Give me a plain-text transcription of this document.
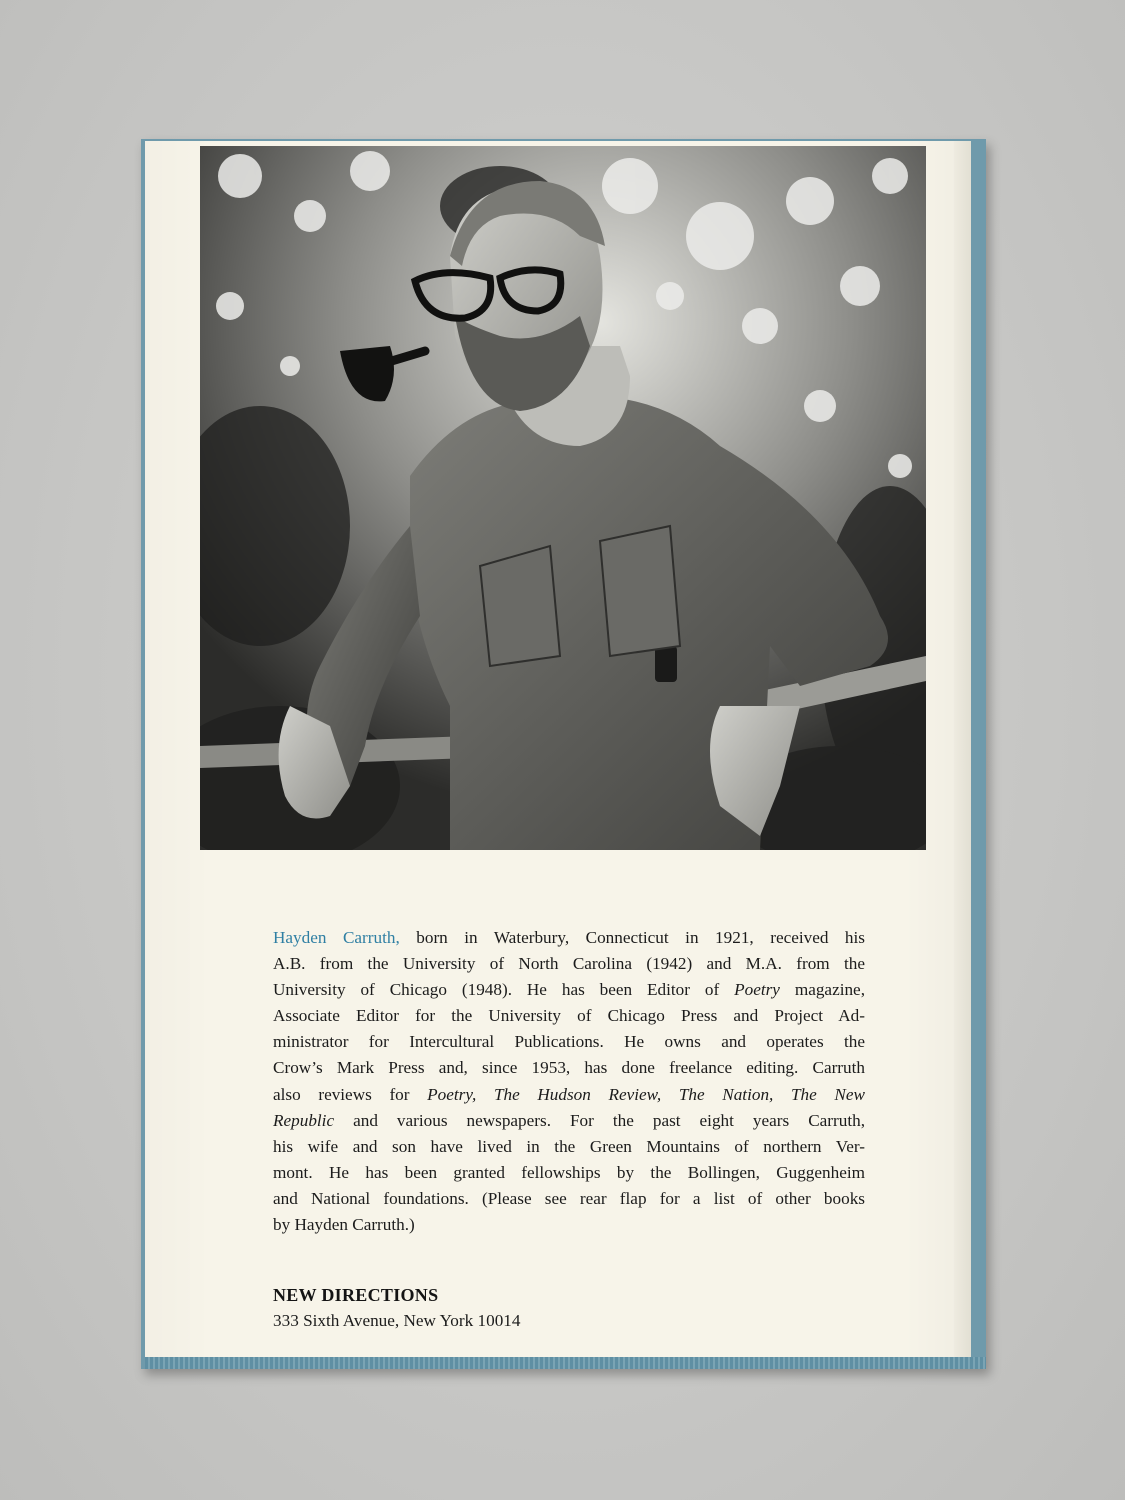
Hayden Carruth, born in Waterbury, Connecticut in 1921, received his
A.B. from the University of North Carolina (1942) and M.A. from the
University of Chicago (1948). He has been Editor of Poetry magazine,
Associate Editor for the University of Chicago Press and Project Ad-
ministrator for Intercultural Publications. He owns and operates the
Crow’s Mark Press and, since 1953, has done freelance editing. Carruth
also reviews for Poetry, The Hudson Review, The Nation, The New
Republic and various newspapers. For the past eight years Carruth,
his wife and son have lived in the Green Mountains of northern Ver-
mont. He has been granted fellowships by the Bollingen, Guggenheim
and National foundations. (Please see rear flap for a list of other books
by Hayden Carruth.)

NEW DIRECTIONS

333 Sixth Avenue, New York 10014
